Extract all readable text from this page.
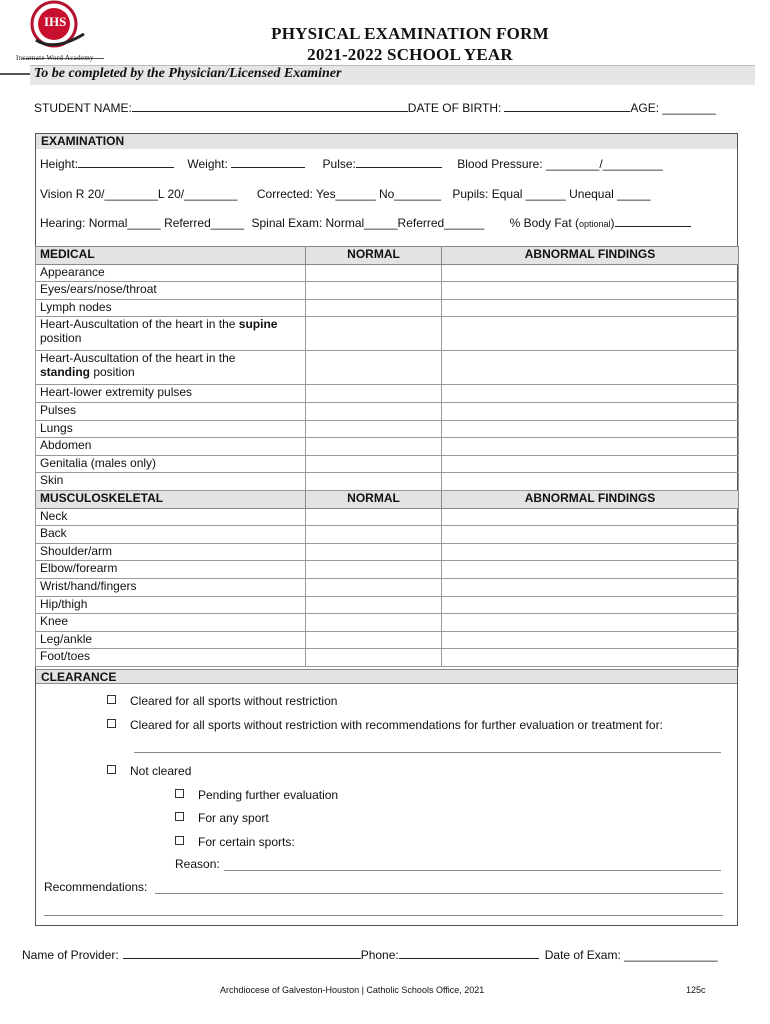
IHS
Incarnate Word Academy
PHYSICAL EXAMINATION FORM
2021-2022 SCHOOL YEAR
To be completed by the Physician/Licensed Examiner
STUDENT NAME:	DATE OF BIRTH:	AGE: ________
EXAMINATION
Height:	Weight:	Pulse:	Blood Pressure: ________/_________
Vision R 20/________L 20/________ Corrected: Yes______ No_______ Pupils: Equal ______ Unequal _____
Hearing: Normal_____ Referred_____ Spinal Exam: Normal_____Referred______ % Body Fat (optional)
MEDICAL	NORMAL	ABNORMAL FINDINGS
Appearance		
Eyes/ears/nose/throat		
Lymph nodes		
Heart-Auscultation of the heart in the supine
position		
Heart-Auscultation of the heart in the
standing position		
Heart-lower extremity pulses		
Pulses		
Lungs		
Abdomen		
Genitalia (males only)		
Skin		
MUSCULOSKELETAL	NORMAL	ABNORMAL FINDINGS
Neck		
Back		
Shoulder/arm		
Elbow/forearm		
Wrist/hand/fingers		
Hip/thigh		
Knee		
Leg/ankle		
Foot/toes		
CLEARANCE
Cleared for all sports without restriction
Cleared for all sports without restriction with recommendations for further evaluation or treatment for:
Not cleared
Pending further evaluation
For any sport
For certain sports:
Reason:
Recommendations:
Name of Provider:	Phone:	Date of Exam: ______________
Archdiocese of Galveston-Houston | Catholic Schools Office, 2021	125c
